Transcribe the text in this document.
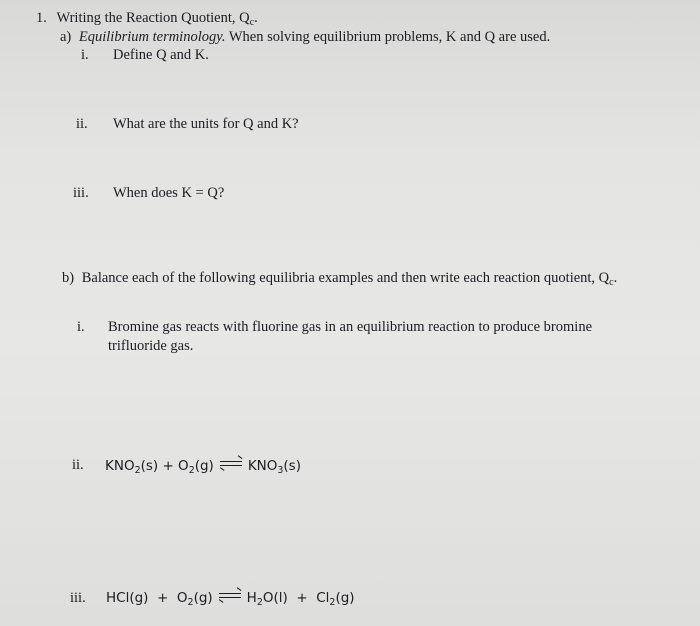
1. Writing the Reaction Quotient, $Q_c$.
a) Equilibrium terminology. When solving equilibrium problems, K and Q are used.
i. Define Q and K.
ii. What are the units for Q and K?
iii. When does K = Q?
b) Balance each of the following equilibria examples and then write each reaction quotient, $Q_c$.
i. Bromine gas reacts with fluorine gas in an equilibrium reaction to produce bromine
trifluoride gas.
ii. $KNO_2(s) + O_2(g)$	$KNO_3(s)$
iii. $HCl(g) + O_2(g)$	$H_2O(l) + Cl_2(g)$
